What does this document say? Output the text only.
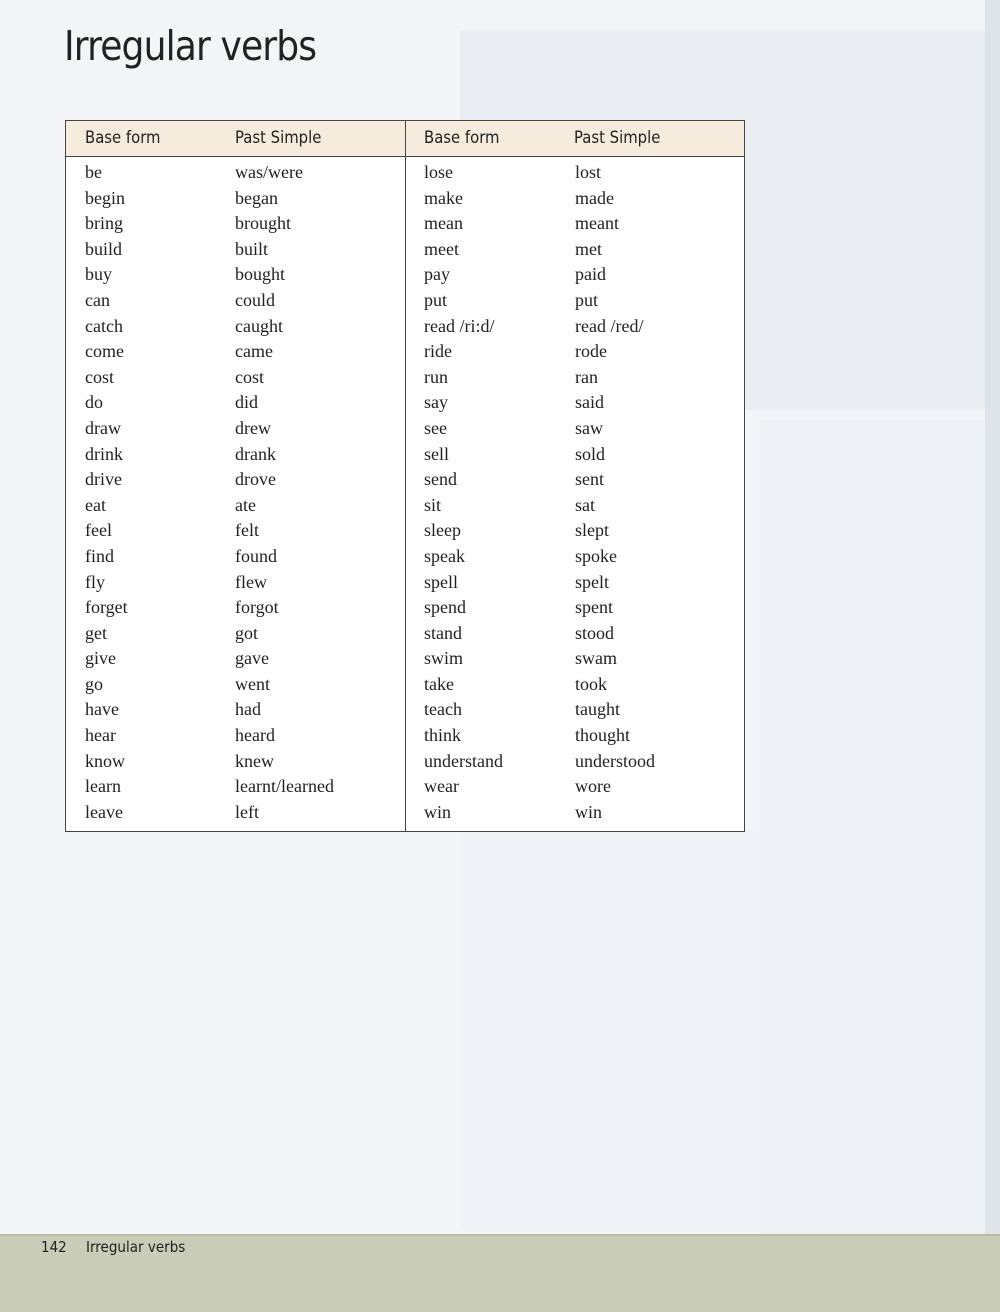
Irregular verbs
Base form	Past Simple	Base form	Past Simple
be	was/were	lose	lost
begin	began	make	made
bring	brought	mean	meant
build	built	meet	met
buy	bought	pay	paid
can	could	put	put
catch	caught	read /ri:d/	read /red/
come	came	ride	rode
cost	cost	run	ran
do	did	say	said
draw	drew	see	saw
drink	drank	sell	sold
drive	drove	send	sent
eat	ate	sit	sat
feel	felt	sleep	slept
find	found	speak	spoke
fly	flew	spell	spelt
forget	forgot	spend	spent
get	got	stand	stood
give	gave	swim	swam
go	went	take	took
have	had	teach	taught
hear	heard	think	thought
know	knew	understand	understood
learn	learnt/learned	wear	wore
leave	left	win	win
142 Irregular verbs
